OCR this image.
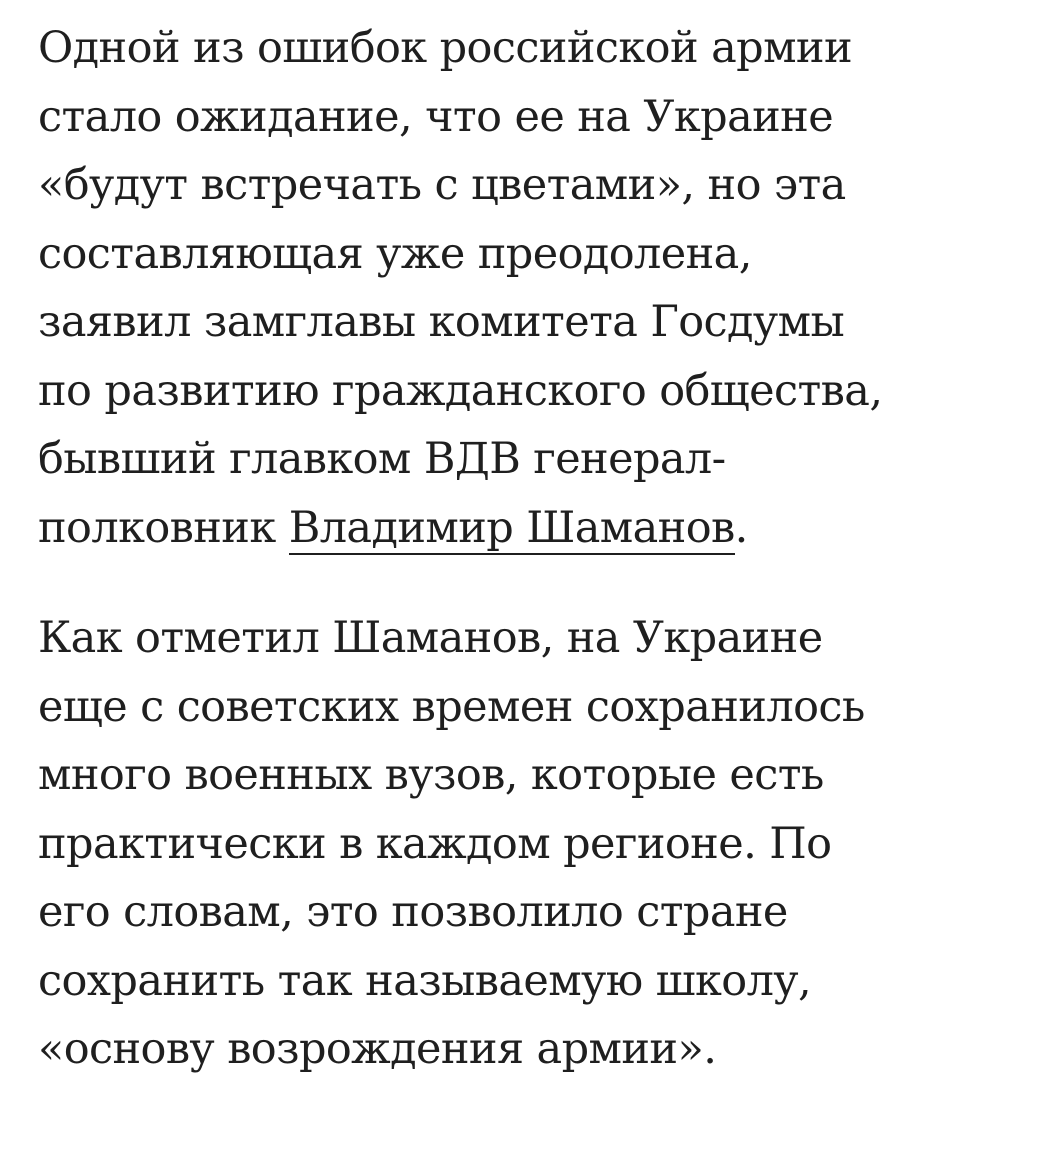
Одной из ошибок российской армии
стало ожидание, что ее на Украине
«будут встречать с цветами», но эта
составляющая уже преодолена,
заявил замглавы комитета Госдумы
по развитию гражданского общества,
бывший главком ВДВ генерал-
полковник Владимир Шаманов.

Как отметил Шаманов, на Украине
еще с советских времен сохранилось
много военных вузов, которые есть
практически в каждом регионе. По
его словам, это позволило стране
сохранить так называемую школу,
«основу возрождения армии».
